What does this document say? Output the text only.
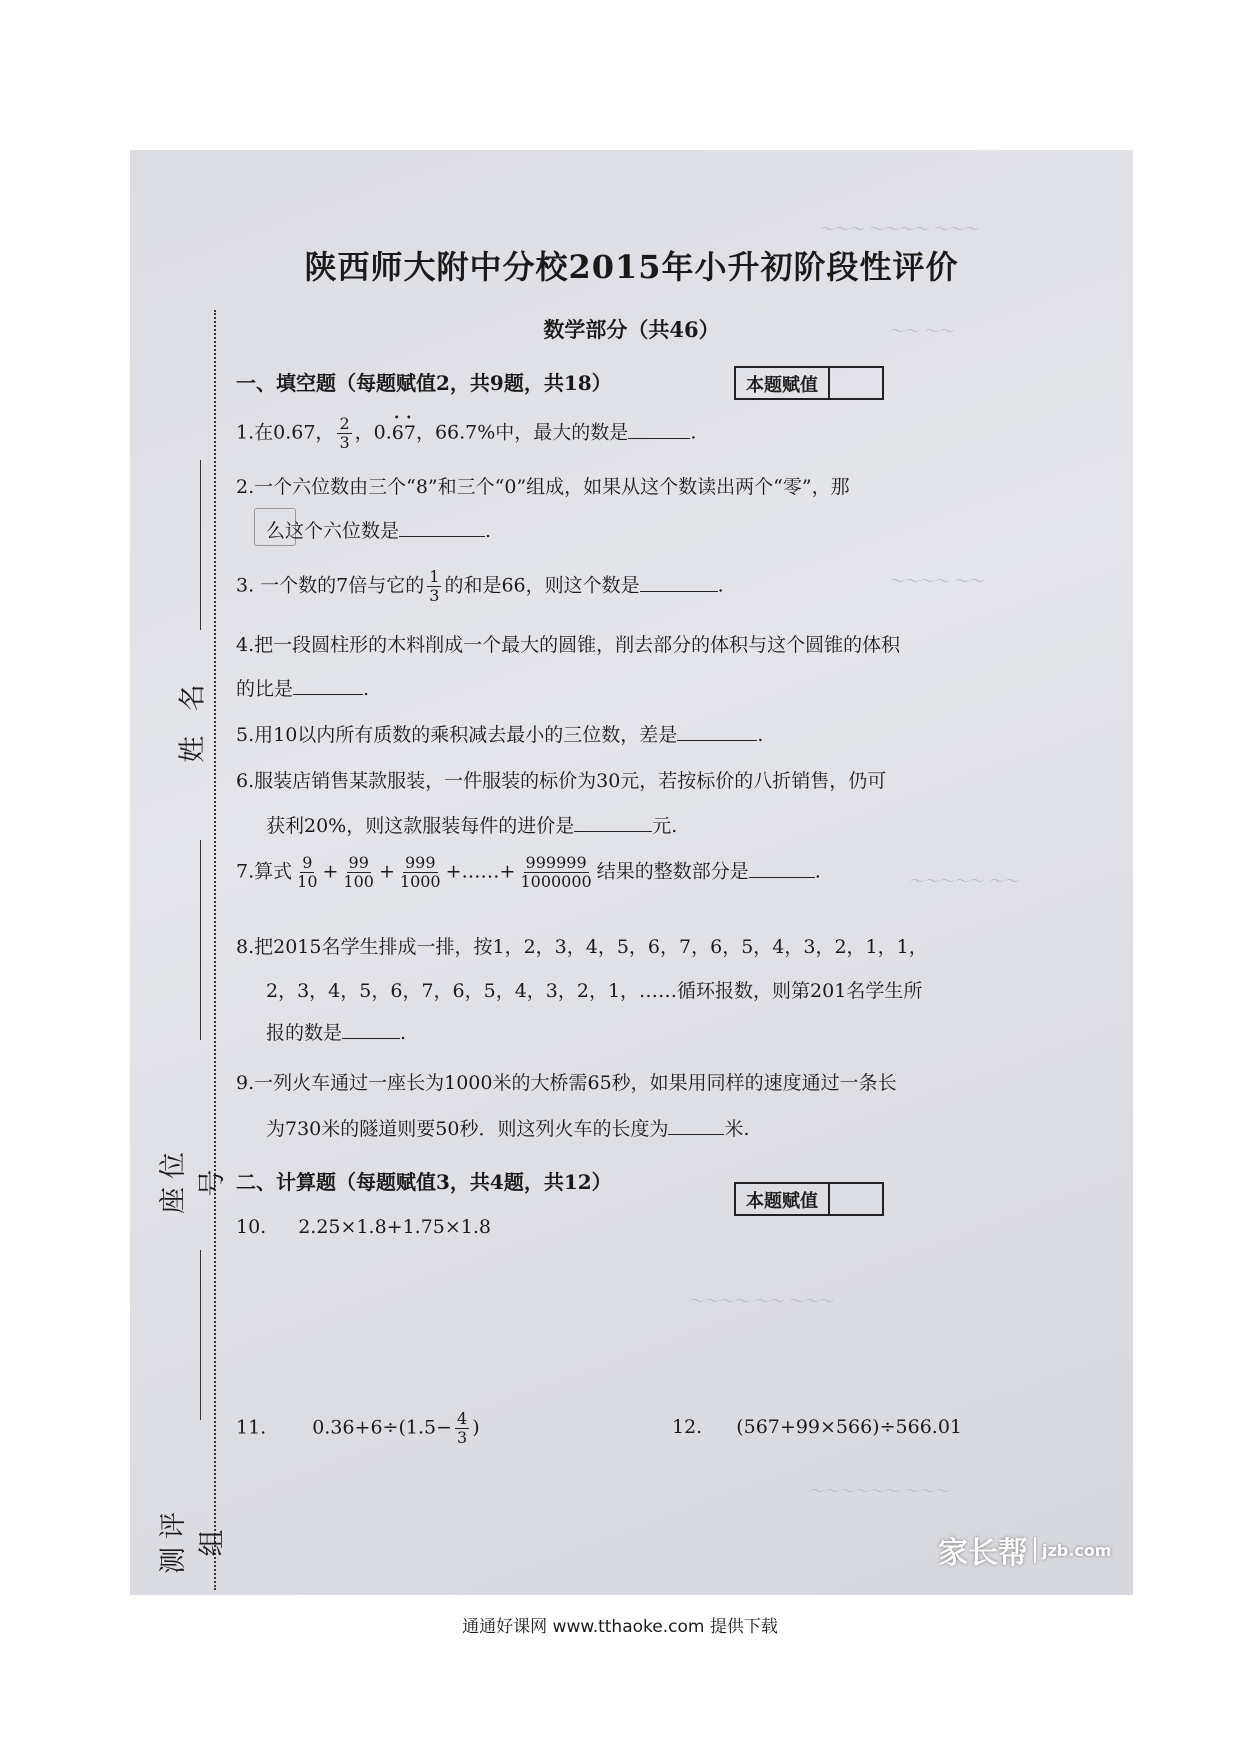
姓 名
座位号
测评组
～～～ ～～～～ ～～～
～～ ～～
～～～～ ～～
～～～～～ ～～
～～～～ ～～ ～～～
～～～～～～ ～～～
陕西师大附中分校2015年小升初阶段性评价
数学部分（共46）
一、填空题（每题赋值2，共9题，共18）	本题赋值
1.在0.67， $\frac{2}{3}$ ，0.• 6• 7，66.7%中，最大的数是	.
2.一个六位数由三个“8”和三个“0”组成，如果从这个数读出两个“零”，那
么这个六位数是	.
3. 一个数的7倍与它的 $\frac{1}{3}$ 的和是66，则这个数是	.
4.把一段圆柱形的木料削成一个最大的圆锥，削去部分的体积与这个圆锥的体积
的比是	.
5.用10以内所有质数的乘积减去最小的三位数，差是	.
6.服装店销售某款服装，一件服装的标价为30元，若按标价的八折销售，仍可
获利20%，则这款服装每件的进价是	元.
7.算式 $\frac{9}{10} + \frac{99}{100} + \frac{999}{1000}$ +……+ $\frac{999999}{1000000}$ 结果的整数部分是	.
8.把2015名学生排成一排，按1，2，3，4，5，6，7，6，5，4，3，2，1，1，
2，3，4，5，6，7，6，5，4，3，2，1，……循环报数，则第201名学生所
报的数是	.
9.一列火车通过一座长为1000米的大桥需65秒，如果用同样的速度通过一条长
为730米的隧道则要50秒．则这列火车的长度为	米.
二、计算题（每题赋值3，共4题，共12）
本题赋值
10. 2.25×1.8+1.75×1.8
11. $0.36+6\div(1.5- \frac{4}{3}$ )	12. (567+99×566)÷566.01
家长帮 jzb.com
通通好课网 www.tthaoke.com 提供下载
